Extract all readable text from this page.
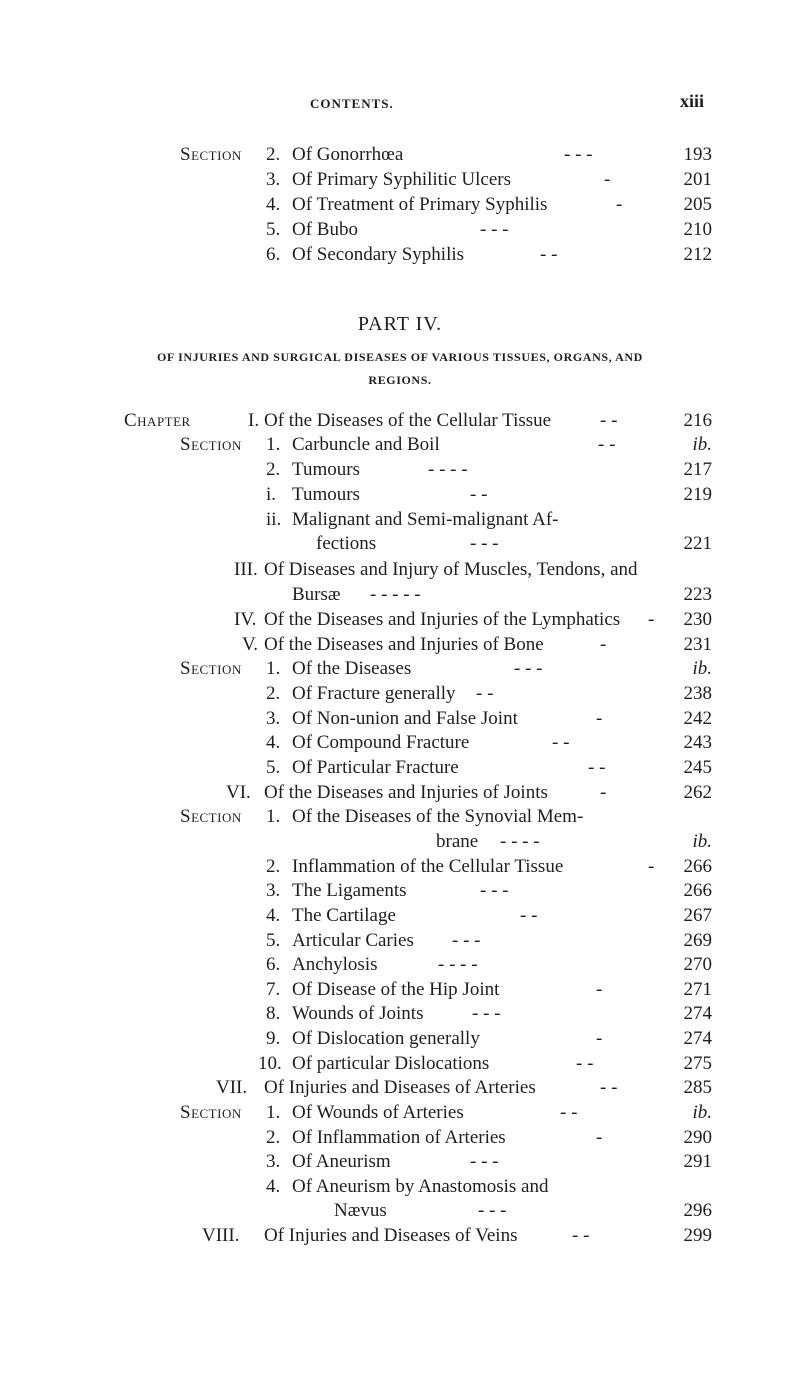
CONTENTS.	xiii
Section 2. Of Gonorrhœa	- - -	193
3. Of Primary Syphilitic Ulcers	-	201
4. Of Treatment of Primary Syphilis	-	205
5. Of Bubo	- - -	210
6. Of Secondary Syphilis	- -	212
PART IV.
OF INJURIES AND SURGICAL DISEASES OF VARIOUS TISSUES, ORGANS, AND
REGIONS.
Chapter	I. Of the Diseases of the Cellular Tissue	- -	216
Section 1. Carbuncle and Boil	- -	ib.
2. Tumours	- - - -	217
i. Tumours	- -	219
ii. Malignant and Semi-malignant Af-
fections	- - -	221
III. Of Diseases and Injury of Muscles, Tendons, and
Bursæ - - - - -	223
IV. Of the Diseases and Injuries of the Lymphatics -	230
V. Of the Diseases and Injuries of Bone	-	231
Section 1. Of the Diseases	- - -	ib.
2. Of Fracture generally - -	238
3. Of Non-union and False Joint	-	242
4. Of Compound Fracture	- -	243
5. Of Particular Fracture	- -	245
VI. Of the Diseases and Injuries of Joints	-	262
Section 1. Of the Diseases of the Synovial Mem-
brane - - - -	ib.
2. Inflammation of the Cellular Tissue	-	266
3. The Ligaments	- - -	266
4. The Cartilage	- -	267
5. Articular Caries - - -	269
6. Anchylosis	- - - -	270
7. Of Disease of the Hip Joint	-	271
8. Wounds of Joints	- - -	274
9. Of Dislocation generally	-	274
10. Of particular Dislocations	- -	275
VII. Of Injuries and Diseases of Arteries	- -	285
Section 1. Of Wounds of Arteries	- -	ib.
2. Of Inflammation of Arteries	-	290
3. Of Aneurism	- - -	291
4. Of Aneurism by Anastomosis and
Nævus	- - -	296
VIII. Of Injuries and Diseases of Veins	- -	299
